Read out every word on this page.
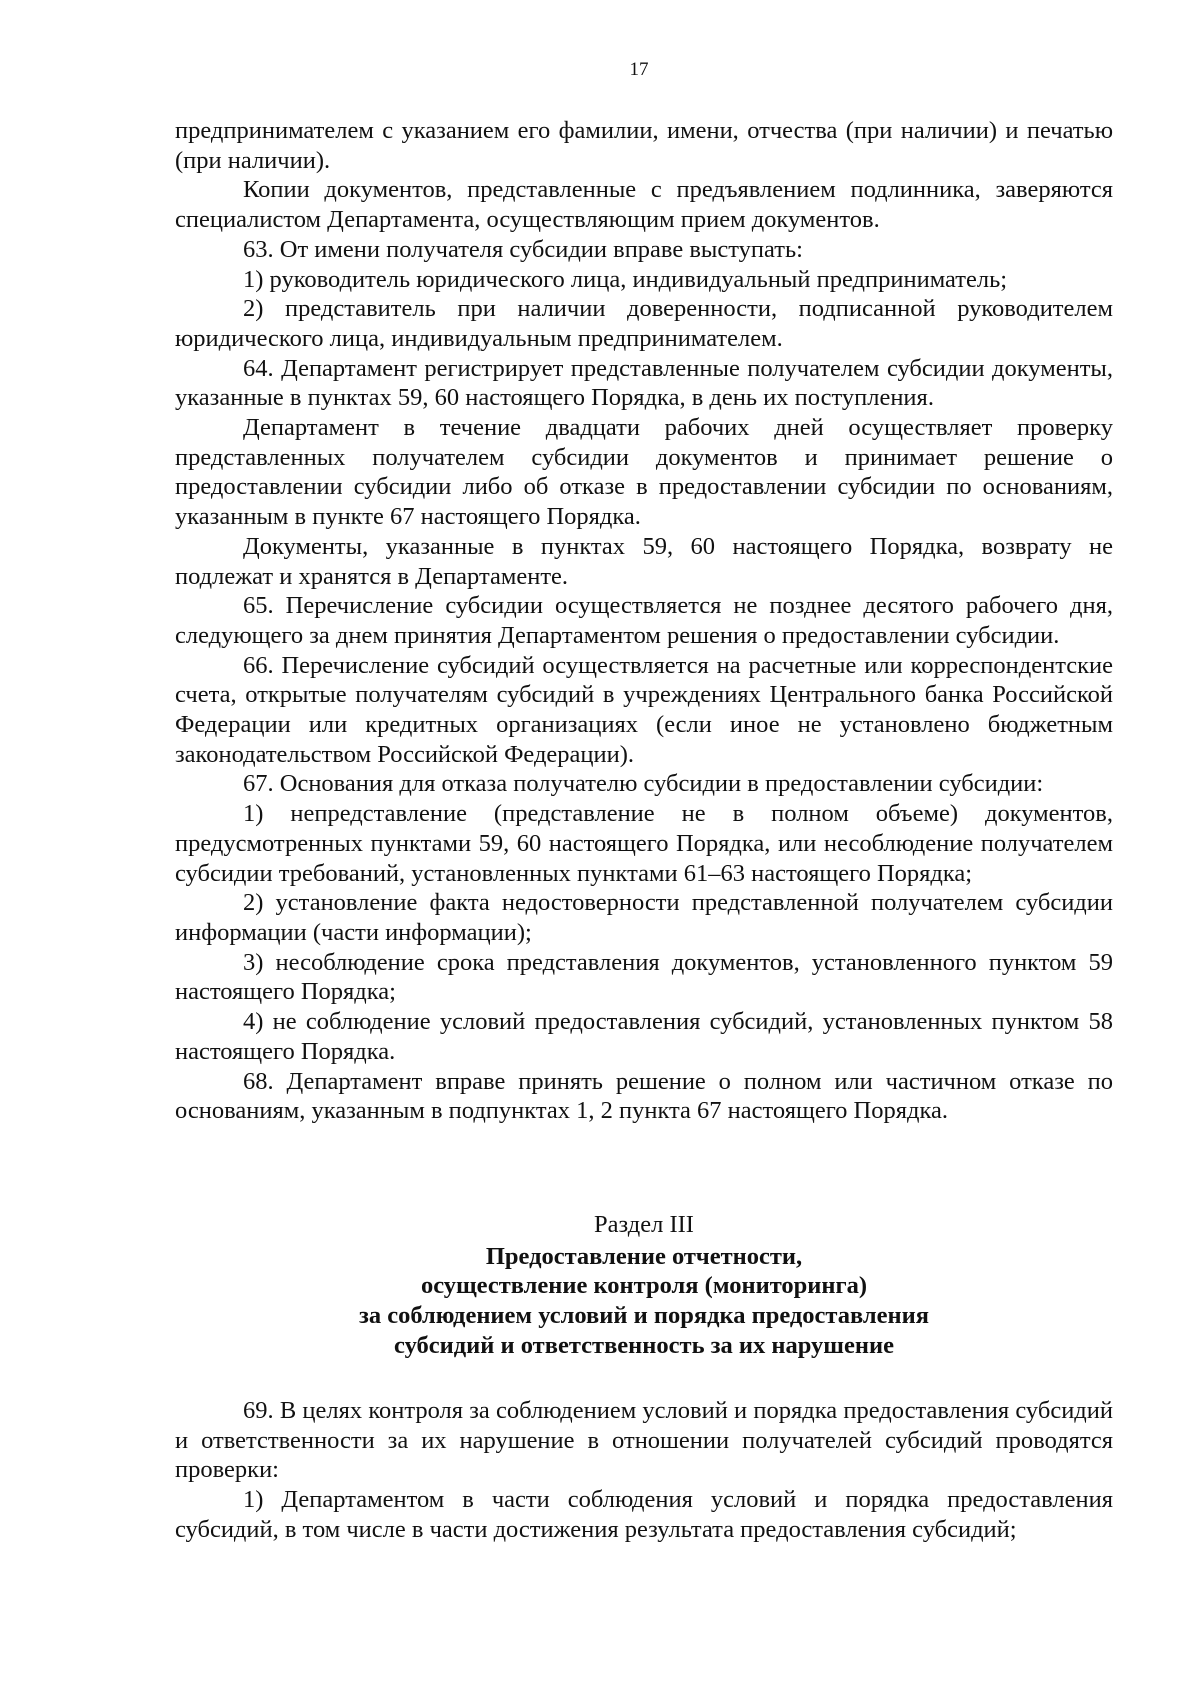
17

предпринимателем с указанием его фамилии, имени, отчества (при наличии) и печатью (при наличии).

Копии документов, представленные с предъявлением подлинника, заверяются специалистом Департамента, осуществляющим прием документов.

63. От имени получателя субсидии вправе выступать:

1) руководитель юридического лица, индивидуальный предприниматель;

2) представитель при наличии доверенности, подписанной руководителем юридического лица, индивидуальным предпринимателем.

64. Департамент регистрирует представленные получателем субсидии документы, указанные в пунктах 59, 60 настоящего Порядка, в день их поступления.

Департамент в течение двадцати рабочих дней осуществляет проверку представленных получателем субсидии документов и принимает решение о предоставлении субсидии либо об отказе в предоставлении субсидии по основаниям, указанным в пункте 67 настоящего Порядка.

Документы, указанные в пунктах 59, 60 настоящего Порядка, возврату не подлежат и хранятся в Департаменте.

65. Перечисление субсидии осуществляется не позднее десятого рабочего дня, следующего за днем принятия Департаментом решения о предоставлении субсидии.

66. Перечисление субсидий осуществляется на расчетные или корреспондентские счета, открытые получателям субсидий в учреждениях Центрального банка Российской Федерации или кредитных организациях (если иное не установлено бюджетным законодательством Российской Федерации).

67. Основания для отказа получателю субсидии в предоставлении субсидии:

1) непредставление (представление не в полном объеме) документов, предусмотренных пунктами 59, 60 настоящего Порядка, или несоблюдение получателем субсидии требований, установленных пунктами 61–63 настоящего Порядка;

2) установление факта недостоверности представленной получателем субсидии информации (части информации);

3) несоблюдение срока представления документов, установленного пунктом 59 настоящего Порядка;

4) не соблюдение условий предоставления субсидий, установленных пунктом 58 настоящего Порядка.

68. Департамент вправе принять решение о полном или частичном отказе по основаниям, указанным в подпунктах 1, 2 пункта 67 настоящего Порядка.

Раздел III
Предоставление отчетности,
осуществление контроля (мониторинга)
за соблюдением условий и порядка предоставления
субсидий и ответственность за их нарушение

69. В целях контроля за соблюдением условий и порядка предоставления субсидий и ответственности за их нарушение в отношении получателей субсидий проводятся проверки:

1) Департаментом в части соблюдения условий и порядка предоставления субсидий, в том числе в части достижения результата предоставления субсидий;
